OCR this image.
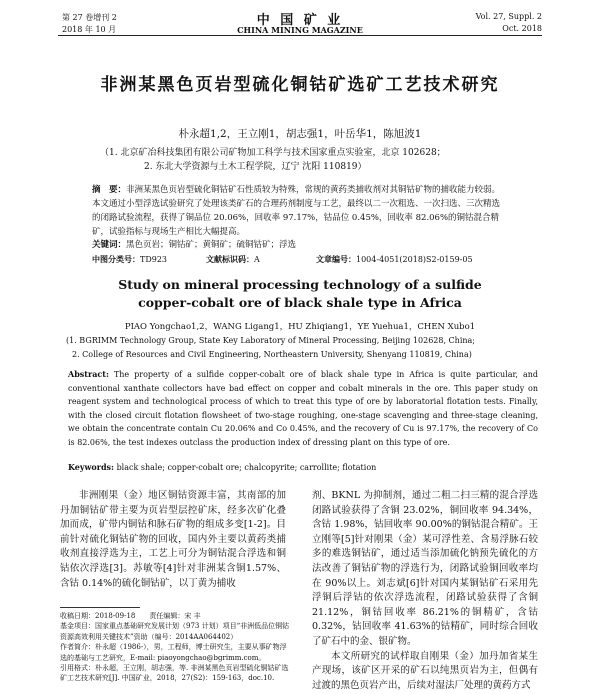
第 27 卷增刊 2
2018 年 10 月
中 国 矿 业
CHINA MINING MAGAZINE
Vol. 27, Suppl. 2
Oct. 2018
非洲某黑色页岩型硫化铜钴矿选矿工艺技术研究
朴永超1,2，王立刚1，胡志强1，叶岳华1，陈旭波1
（1. 北京矿冶科技集团有限公司矿物加工科学与技术国家重点实验室，北京 102628；
2. 东北大学资源与土木工程学院，辽宁 沈阳 110819）
摘　要：非洲某黑色页岩型硫化铜钴矿石性质较为特殊，常规的黄药类捕收剂对其铜钴矿物的捕收能力较弱。本文通过小型浮选试验研究了处理该类矿石的合理药剂制度与工艺，最终以二一次粗选、一次扫选、三次精选的闭路试验流程，获得了铜品位 20.06%，回收率 97.17%，钴品位 0.45%，回收率 82.06%的铜钴混合精矿，试验指标与现场生产相比大幅提高。
关键词：黑色页岩；铜钴矿；黄铜矿；硫铜钴矿；浮选
中图分类号：TD923	文献标识码：A	文章编号：1004-4051(2018)S2-0159-05
Study on mineral processing technology of a sulfide copper-cobalt ore of black shale type in Africa
PIAO Yongchao1,2，WANG Ligang1，HU Zhiqiang1，YE Yuehua1，CHEN Xubo1
(1. BGRIMM Technology Group, State Key Laboratory of Mineral Processing, Beijing 102628, China;
2. College of Resources and Civil Engineering, Northeastern University, Shenyang 110819, China)
Abstract: The property of a sulfide copper-cobalt ore of black shale type in Africa is quite particular, and conventional xanthate collectors have bad effect on copper and cobalt minerals in the ore. This paper study on reagent system and technological process of which to treat this type of ore by laboratorial flotation tests. Finally, with the closed circuit flotation flowsheet of two-stage roughing, one-stage scavenging and three-stage cleaning, we obtain the concentrate contain Cu 20.06% and Co 0.45%, and the recovery of Cu is 97.17%, the recovery of Co is 82.06%, the test indexes outclass the production index of dressing plant on this type of ore.
Keywords: black shale; copper-cobalt ore; chalcopyrite; carrollite; flotation

非洲刚果（金）地区铜钴资源丰富，其南部的加丹加铜钴矿带主要为页岩型层控矿床，经多次矿化叠加而成，矿带内铜钴和脉石矿物的组成多变[1-2]。目前针对硫化铜钴矿物的回收，国内外主要以黄药类捕收剂直接浮选为主，工艺上可分为铜钴混合浮选和铜钴依次浮选[3]。苏敏等[4]针对非洲某含铜1.57%、含钴 0.14%的硫化铜钴矿，以丁黄为捕收

剂、BKNL 为抑制剂，通过二粗二扫三精的混合浮选闭路试验获得了含铜 23.02%，铜回收率 94.34%，含钴 1.98%，钴回收率 90.00%的铜钴混合精矿。王立刚等[5]针对刚果（金）某可浮性差、含易浮脉石较多的难选铜钴矿，通过适当添加硫化钠预先硫化的方法改善了铜钴矿物的浮选行为，闭路试验铜回收率均在 90%以上。刘志斌[6]针对国内某铜钴矿石采用先浮铜后浮钴的依次浮选流程，闭路试验获得了含铜 21.12%，铜钴回收率 86.21%的铜精矿，含钴 0.32%，钴回收率 41.63%的钴精矿，同时综合回收了矿石中的金、银矿物。

本文所研究的试样取自刚果（金）加丹加省某生产现场，该矿区开采的矿石以纯黑页岩为主，但偶有过渡的黑色页岩产出，后续对湿法厂处理的黄药方式

收稿日期：2018-09-18　　责任编辑：宋 丰

基金项目：国家重点基础研究发展计划（973 计划）项目“非洲低品位铜钴资源高效利用关键技术”资助（编号：2014AA064402）

作者简介：朴永超（1986-），男，工程师，博士研究生，主要从事矿物浮选的基础与工艺研究，E-mail: piaoyongchao@bgrimm.com。

引用格式：朴永超，王立刚，胡志强，等. 非洲某黑色页岩型硫化铜钴矿选矿工艺技术研究[J]. 中国矿业，2018，27(S2)：159-163，doc.10.
